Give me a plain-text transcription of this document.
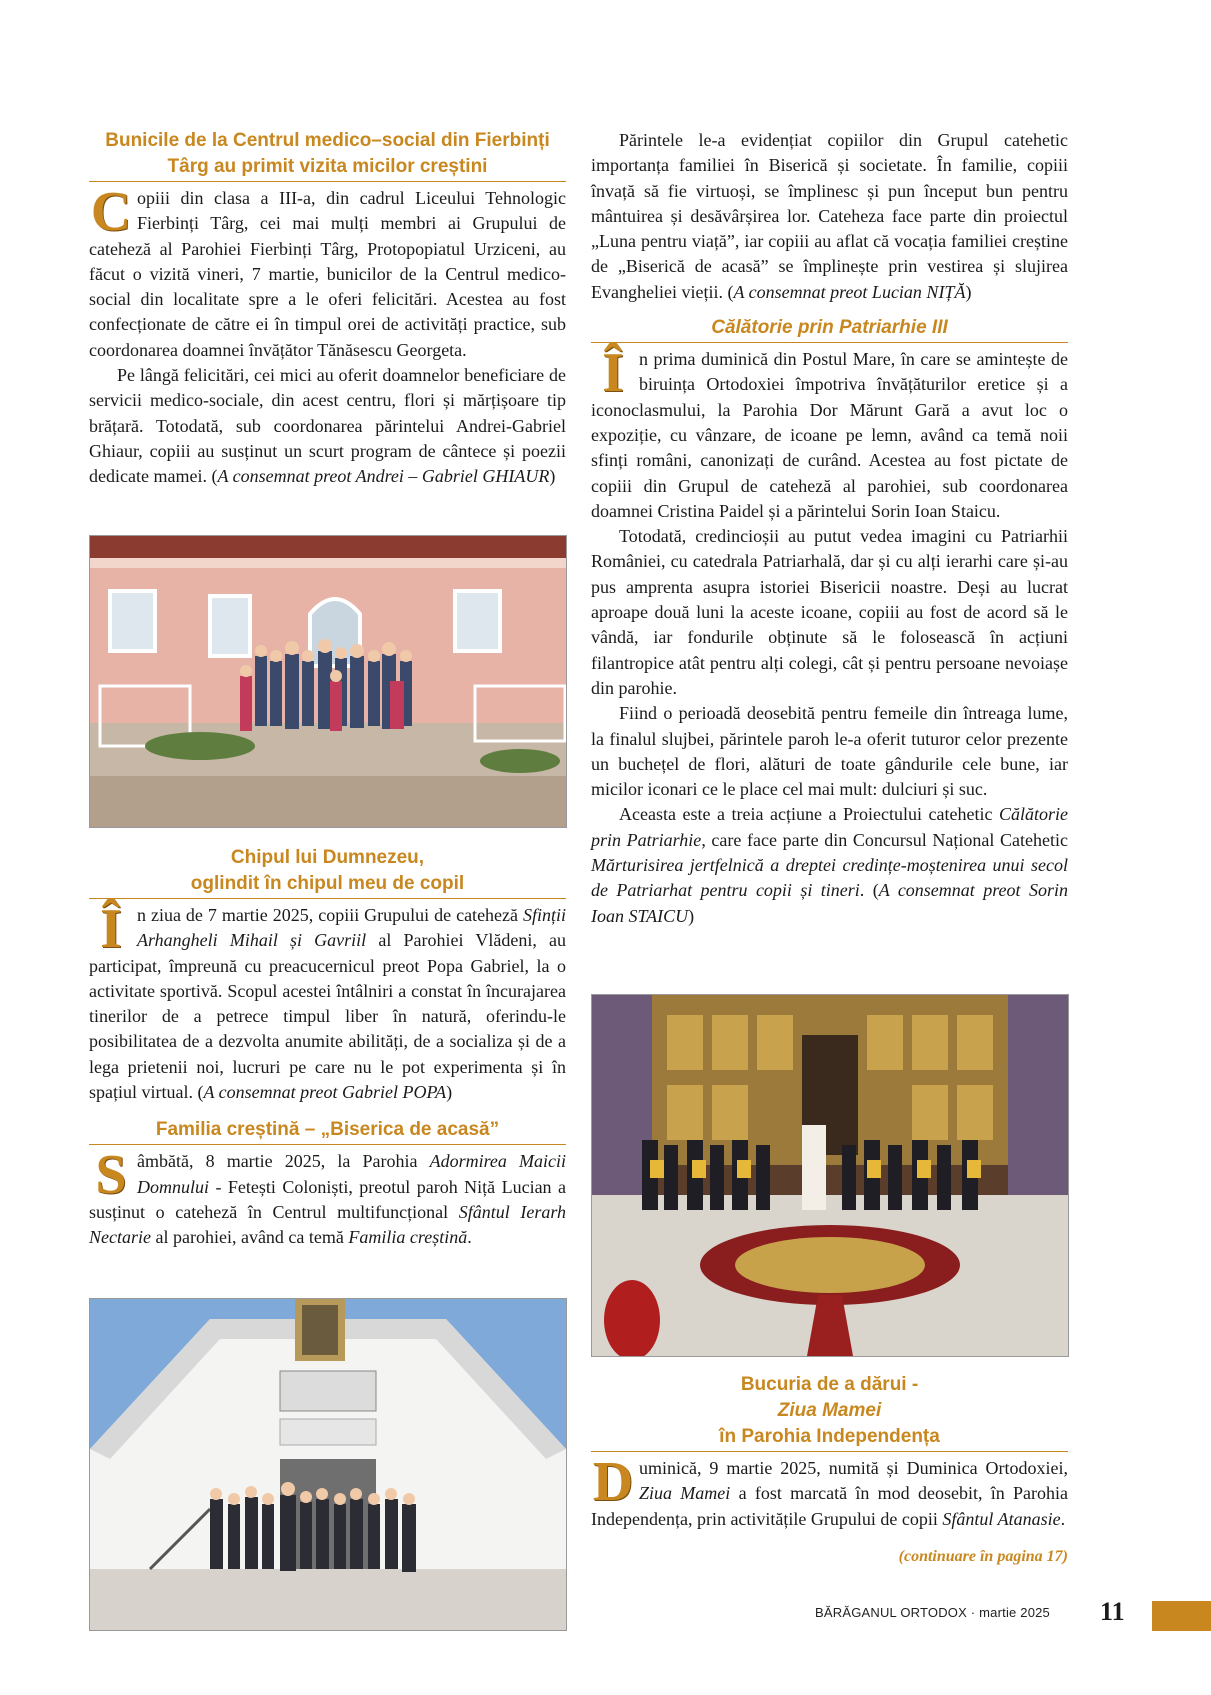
Bunicile de la Centrul medico–social din Fierbinți
Târg au primit vizita micilor creștini

Copiii din clasa a III-a, din cadrul Liceului Tehnologic Fierbinți Târg, cei mai mulți membri ai Grupului de cateheză al Parohiei Fierbinți Târg, Protopopiatul Urziceni, au făcut o vizită vineri, 7 martie, bunicilor de la Centrul medico-social din localitate spre a le oferi felicitări. Acestea au fost confecționate de către ei în timpul orei de activități practice, sub coordonarea doamnei învățător Tănăsescu Georgeta.

Pe lângă felicitări, cei mici au oferit doamnelor beneficiare de servicii medico-sociale, din acest centru, flori și mărțișoare tip brățară. Totodată, sub coordonarea părintelui Andrei-Gabriel Ghiaur, copiii au susținut un scurt program de cântece și poezii dedicate mamei. (A consemnat preot Andrei – Gabriel GHIAUR)

Chipul lui Dumnezeu,
oglindit în chipul meu de copil

În ziua de 7 martie 2025, copiii Grupului de cateheză Sfinții Arhangheli Mihail și Gavriil al Parohiei Vlădeni, au participat, împreună cu preacucernicul preot Popa Gabriel, la o activitate sportivă. Scopul acestei întâlniri a constat în încurajarea tinerilor de a petrece timpul liber în natură, oferindu-le posibilitatea de a dezvolta anumite abilități, de a socializa și de a lega prietenii noi, lucruri pe care nu le pot experimenta și în spațiul virtual. (A consemnat preot Gabriel POPA)

Familia creștină – „Biserica de acasă”

Sâmbătă, 8 martie 2025, la Parohia Adormirea Maicii Domnului - Fetești Coloniști, preotul paroh Niță Lucian a susținut o cateheză în Centrul multifuncțional Sfântul Ierarh Nectarie al parohiei, având ca temă Familia creștină.

Părintele le-a evidențiat copiilor din Grupul catehetic importanța familiei în Biserică și societate. În familie, copiii învață să fie virtuoși, se împlinesc și pun început bun pentru mântuirea și desăvârșirea lor. Cateheza face parte din proiectul „Luna pentru viață”, iar copiii au aflat că vocația familiei creștine de „Biserică de acasă” se împlinește prin vestirea și slujirea Evangheliei vieții. (A consemnat preot Lucian NIȚĂ)

Călătorie prin Patriarhie III

În prima duminică din Postul Mare, în care se amintește de biruința Ortodoxiei împotriva învățăturilor eretice și a iconoclasmului, la Parohia Dor Mărunt Gară a avut loc o expoziție, cu vânzare, de icoane pe lemn, având ca temă noii sfinți români, canonizați de curând. Acestea au fost pictate de copiii din Grupul de cateheză al parohiei, sub coordonarea doamnei Cristina Paidel și a părintelui Sorin Ioan Staicu.

Totodată, credincioșii au putut vedea imagini cu Patriarhii României, cu catedrala Patriarhală, dar și cu alți ierarhi care și-au pus amprenta asupra istoriei Bisericii noastre. Deși au lucrat aproape două luni la aceste icoane, copiii au fost de acord să le vândă, iar fondurile obținute să le folosească în acțiuni filantropice atât pentru alți colegi, cât și pentru persoane nevoiașe din parohie.

Fiind o perioadă deosebită pentru femeile din întreaga lume, la finalul slujbei, părintele paroh le-a oferit tuturor celor prezente un buchețel de flori, alături de toate gândurile cele bune, iar micilor iconari ce le place cel mai mult: dulciuri și suc.

Aceasta este a treia acțiune a Proiectului catehetic Călătorie prin Patriarhie, care face parte din Concursul Național Catehetic Mărturisirea jertfelnică a dreptei credințe-moștenirea unui secol de Patriarhat pentru copii și tineri. (A consemnat preot Sorin Ioan STAICU)

Bucuria de a dărui -
Ziua Mamei
în Parohia Independența

Duminică, 9 martie 2025, numită și Duminica Ortodoxiei, Ziua Mamei a fost marcată în mod deosebit, în Parohia Independența, prin activitățile Grupului de copii Sfântul Atanasie.

(continuare în pagina 17)
BĂRĂGANUL ORTODOX · martie 2025 11
